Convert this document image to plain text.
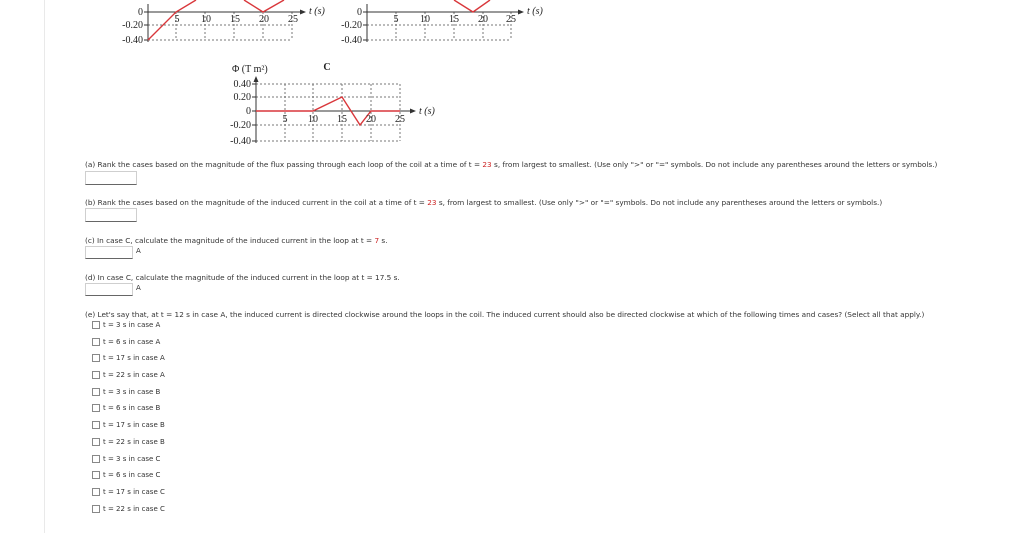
0
-0.20
-0.40
5 10 15 20 25
t (s)	0
-0.20
-0.40
5 10 15 20 25
t (s)
C
Φ (T m²)
0.40
0.20
0
-0.20
-0.40
5 10 15 20 25
t (s)
(a) Rank the cases based on the magnitude of the flux passing through each loop of the coil at a time of t = 23 s, from largest to smallest. (Use only ">" or "=" symbols. Do not include any parentheses around the letters or symbols.)
(b) Rank the cases based on the magnitude of the induced current in the coil at a time of t = 23 s, from largest to smallest. (Use only ">" or "=" symbols. Do not include any parentheses around the letters or symbols.)
(c) In case C, calculate the magnitude of the induced current in the loop at t = 7 s.
A
(d) In case C, calculate the magnitude of the induced current in the loop at t = 17.5 s.
A
(e) Let's say that, at t = 12 s in case A, the induced current is directed clockwise around the loops in the coil. The induced current should also be directed clockwise at which of the following times and cases? (Select all that apply.)
t = 3 s in case A
t = 6 s in case A
t = 17 s in case A
t = 22 s in case A
t = 3 s in case B
t = 6 s in case B
t = 17 s in case B
t = 22 s in case B
t = 3 s in case C
t = 6 s in case C
t = 17 s in case C
t = 22 s in case C
